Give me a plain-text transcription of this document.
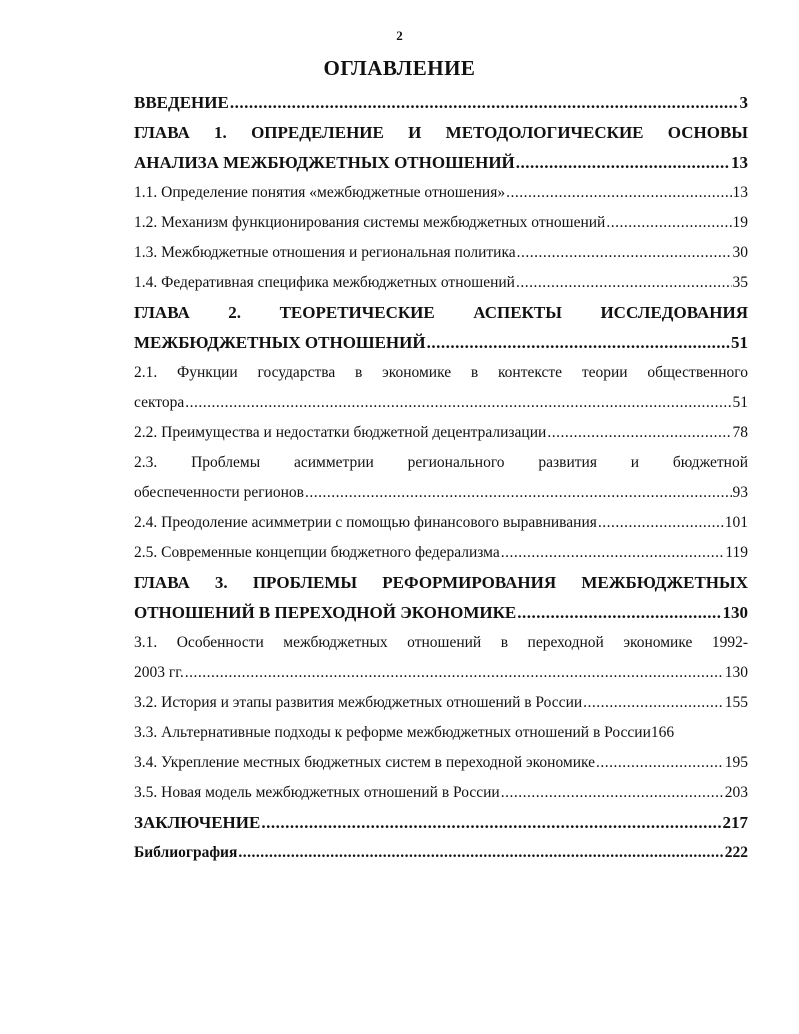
2
ОГЛАВЛЕНИЕ
ВВЕДЕНИЕ .....	3
ГЛАВА 1. ОПРЕДЕЛЕНИЕ И МЕТОДОЛОГИЧЕСКИЕ ОСНОВЫ
АНАЛИЗА МЕЖБЮДЖЕТНЫХ ОТНОШЕНИЙ .....	13
1.1. Определение понятия «межбюджетные отношения» .....	13
1.2. Механизм функционирования системы межбюджетных отношений .....	19
1.3. Межбюджетные отношения и региональная политика .....	30
1.4. Федеративная специфика межбюджетных отношений .....	35
ГЛАВА 2. ТЕОРЕТИЧЕСКИЕ АСПЕКТЫ ИССЛЕДОВАНИЯ
МЕЖБЮДЖЕТНЫХ ОТНОШЕНИЙ .....	51
2.1. Функции государства в экономике в контексте теории общественного
сектора .....	51
2.2. Преимущества и недостатки бюджетной децентрализации .....	78
2.3. Проблемы асимметрии регионального развития и бюджетной
обеспеченности регионов .....	93
2.4. Преодоление асимметрии с помощью финансового выравнивания .....	101
2.5. Современные концепции бюджетного федерализма .....	119
ГЛАВА 3. ПРОБЛЕМЫ РЕФОРМИРОВАНИЯ МЕЖБЮДЖЕТНЫХ
ОТНОШЕНИЙ В ПЕРЕХОДНОЙ ЭКОНОМИКЕ .....	130
3.1. Особенности межбюджетных отношений в переходной экономике 1992-
2003 гг. .....	130
3.2. История и этапы развития межбюджетных отношений в России .....	155
3.3. Альтернативные подходы к реформе межбюджетных отношений в России 166
3.4. Укрепление местных бюджетных систем в переходной экономике .....	195
3.5. Новая модель межбюджетных отношений в России .....	203
ЗАКЛЮЧЕНИЕ .....	217
Библиография .....	222
